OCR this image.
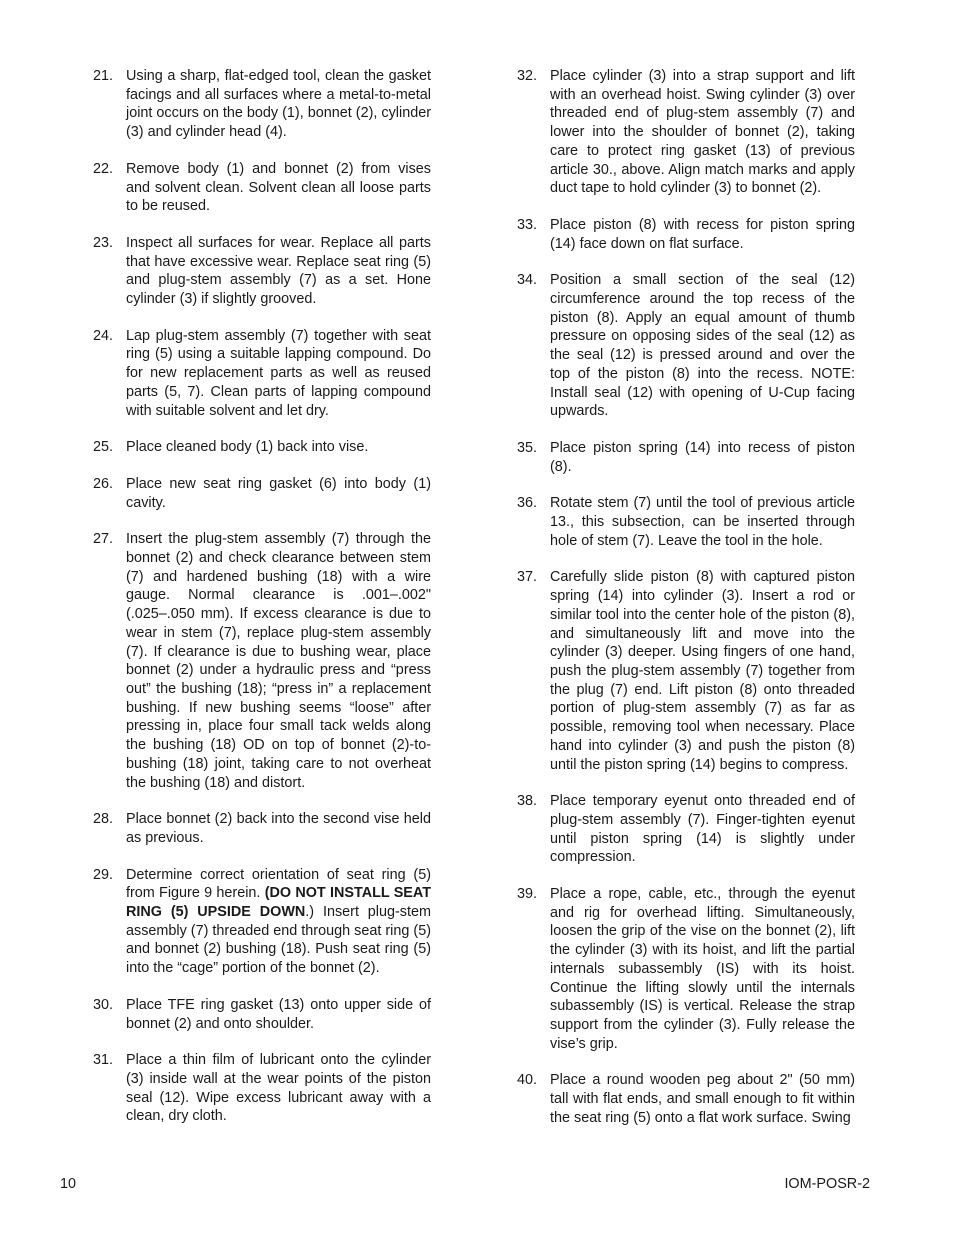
21. Using a sharp, flat-edged tool, clean the gasket facings and all surfaces where a metal-to-metal joint occurs on the body (1), bonnet (2), cylinder (3) and cylinder head (4).
22. Remove body (1) and bonnet (2) from vises and solvent clean. Solvent clean all loose parts to be reused.
23. Inspect all surfaces for wear. Replace all parts that have excessive wear. Replace seat ring (5) and plug-stem assembly (7) as a set. Hone cylinder (3) if slightly grooved.
24. Lap plug-stem assembly (7) together with seat ring (5) using a suitable lapping compound. Do for new replacement parts as well as reused parts (5, 7). Clean parts of lapping compound with suitable solvent and let dry.
25. Place cleaned body (1) back into vise.
26. Place new seat ring gasket (6) into body (1) cavity.
27. Insert the plug-stem assembly (7) through the bonnet (2) and check clearance between stem (7) and hardened bushing (18) with a wire gauge. Normal clearance is .001–.002" (.025–.050 mm). If excess clearance is due to wear in stem (7), replace plug-stem assembly (7). If clearance is due to bushing wear, place bonnet (2) under a hydraulic press and “press out” the bushing (18); “press in” a replacement bushing. If new bushing seems “loose” after pressing in, place four small tack welds along the bushing (18) OD on top of bonnet (2)-to-bushing (18) joint, taking care to not overheat the bushing (18) and distort.
28. Place bonnet (2) back into the second vise held as previous.
29. Determine correct orientation of seat ring (5) from Figure 9 herein. (DO NOT INSTALL SEAT RING (5) UPSIDE DOWN.) Insert plug-stem assembly (7) threaded end through seat ring (5) and bonnet (2) bushing (18). Push seat ring (5) into the “cage” portion of the bonnet (2).
30. Place TFE ring gasket (13) onto upper side of bonnet (2) and onto shoulder.
31. Place a thin film of lubricant onto the cylinder (3) inside wall at the wear points of the piston seal (12). Wipe excess lubricant away with a clean, dry cloth.
32. Place cylinder (3) into a strap support and lift with an overhead hoist. Swing cylinder (3) over threaded end of plug-stem assembly (7) and lower into the shoulder of bonnet (2), taking care to protect ring gasket (13) of previous article 30., above. Align match marks and apply duct tape to hold cylinder (3) to bonnet (2).
33. Place piston (8) with recess for piston spring (14) face down on flat surface.
34. Position a small section of the seal (12) circumference around the top recess of the piston (8). Apply an equal amount of thumb pressure on opposing sides of the seal (12) as the seal (12) is pressed around and over the top of the piston (8) into the recess. NOTE: Install seal (12) with opening of U-Cup facing upwards.
35. Place piston spring (14) into recess of piston (8).
36. Rotate stem (7) until the tool of previous article 13., this subsection, can be inserted through hole of stem (7). Leave the tool in the hole.
37. Carefully slide piston (8) with captured piston spring (14) into cylinder (3). Insert a rod or similar tool into the center hole of the piston (8), and simultaneously lift and move into the cylinder (3) deeper. Using fingers of one hand, push the plug-stem assembly (7) together from the plug (7) end. Lift piston (8) onto threaded portion of plug-stem assembly (7) as far as possible, removing tool when necessary. Place hand into cylinder (3) and push the piston (8) until the piston spring (14) begins to compress.
38. Place temporary eyenut onto threaded end of plug-stem assembly (7). Finger-tighten eyenut until piston spring (14) is slightly under compression.
39. Place a rope, cable, etc., through the eyenut and rig for overhead lifting. Simultaneously, loosen the grip of the vise on the bonnet (2), lift the cylinder (3) with its hoist, and lift the partial internals subassembly (IS) with its hoist. Continue the lifting slowly until the internals subassembly (IS) is vertical. Release the strap support from the cylinder (3). Fully release the vise’s grip.
40. Place a round wooden peg about 2" (50 mm) tall with flat ends, and small enough to fit within the seat ring (5) onto a flat work surface. Swing
10	IOM-POSR-2
